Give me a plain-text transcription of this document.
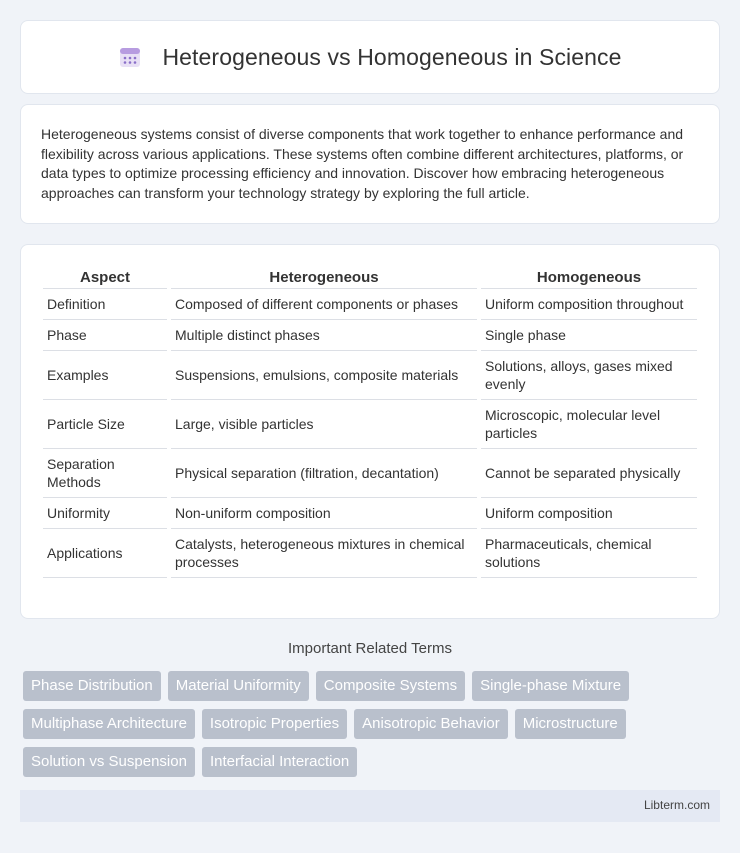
Heterogeneous vs Homogeneous in Science

Heterogeneous systems consist of diverse components that work together to enhance performance and flexibility across various applications. These systems often combine different architectures, platforms, or data types to optimize processing efficiency and innovation. Discover how embracing heterogeneous approaches can transform your technology strategy by exploring the full article.

Aspect	Heterogeneous	Homogeneous
Definition	Composed of different components or phases	Uniform composition throughout
Phase	Multiple distinct phases	Single phase
Examples	Suspensions, emulsions, composite materials	Solutions, alloys, gases mixed evenly
Particle Size	Large, visible particles	Microscopic, molecular level particles
Separation Methods	Physical separation (filtration, decantation)	Cannot be separated physically
Uniformity	Non-uniform composition	Uniform composition
Applications	Catalysts, heterogeneous mixtures in chemical processes	Pharmaceuticals, chemical solutions
Important Related Terms
Phase Distribution	Material Uniformity	Composite Systems	Single-phase Mixture
Multiphase Architecture	Isotropic Properties	Anisotropic Behavior	Microstructure
Solution vs Suspension	Interfacial Interaction
Libterm.com
